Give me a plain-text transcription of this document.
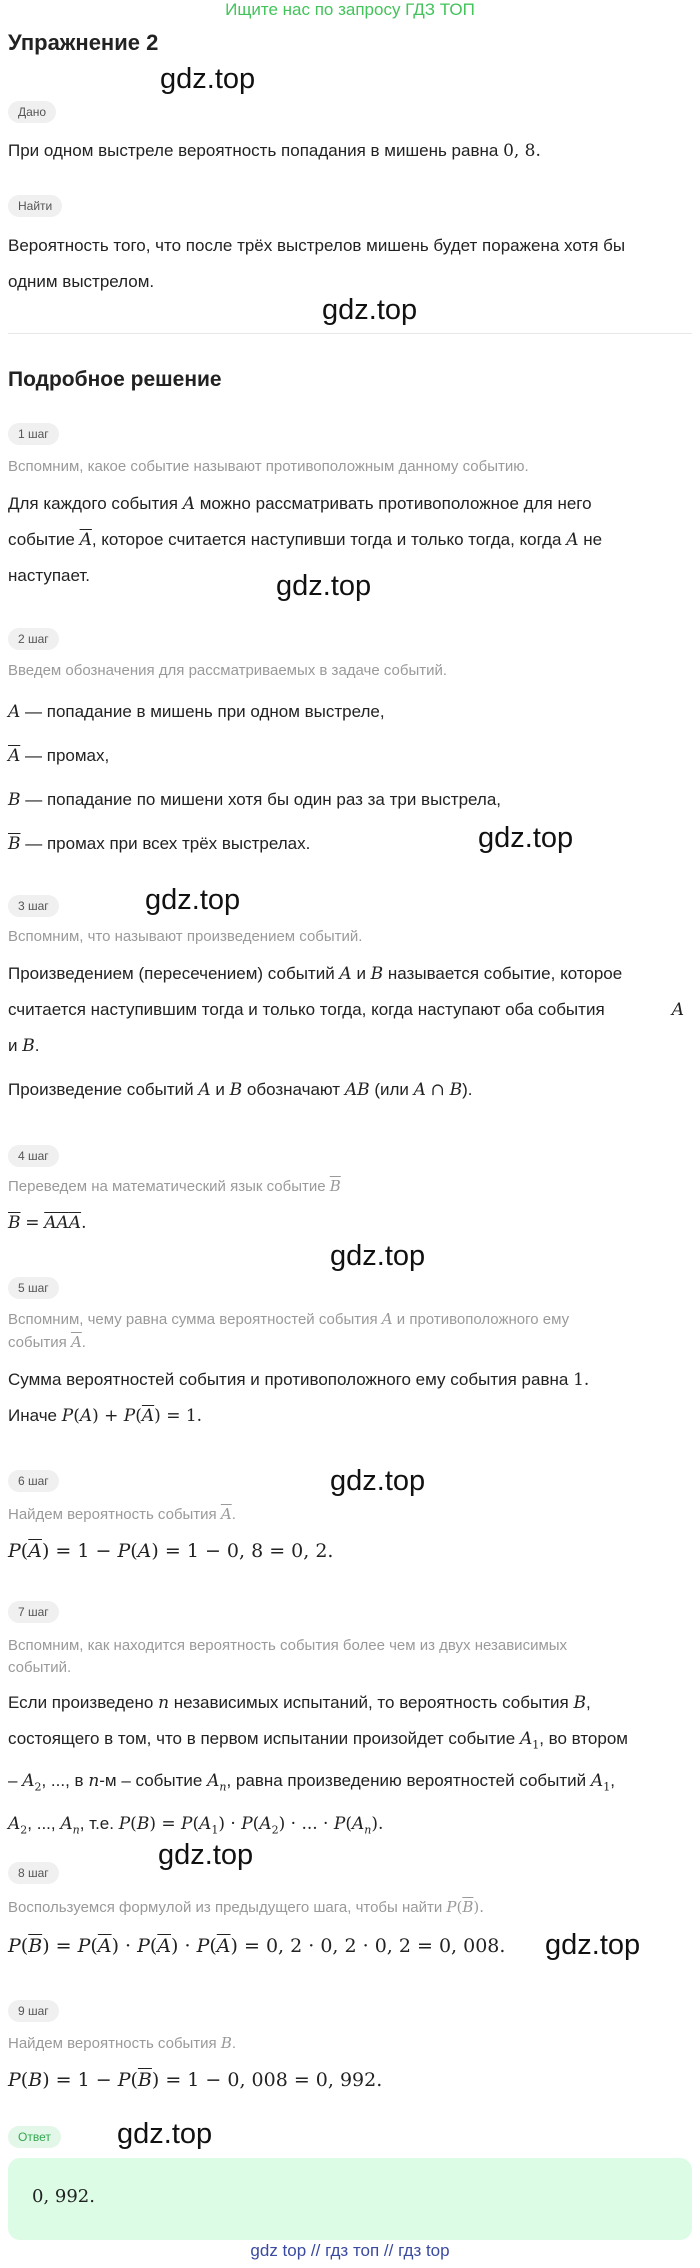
Ищите нас по запросу ГДЗ ТОП
Упражнение 2
gdz.top
gdz.top
gdz.top
gdz.top
gdz.top
gdz.top
gdz.top
gdz.top
gdz.top
gdz.top
Дано
При одном выстреле вероятность попадания в мишень равна 0, 8.
Найти
Вероятность того, что после трёх выстрелов мишень будет поражена хотя бы
одним выстрелом.
Подробное решение
1 шаг
Вспомним, какое событие называют противоположным данному событию.
Для каждого события A можно рассматривать противоположное для него
событие $\overline{A}$, которое считается наступивши тогда и только тогда, когда A не
наступает.
2 шаг
Введем обозначения для рассматриваемых в задаче событий.
A — попадание в мишень при одном выстреле,
$\overline{A}$ — промах,
B — попадание по мишени хотя бы один раз за три выстрела,
$\overline{B}$ — промах при всех трёх выстрелах.
3 шаг
Вспомним, что называют произведением событий.
Произведением (пересечением) событий A и B называется событие, которое
считается наступившим тогда и только тогда, когда наступают оба события	A
и B.
Произведение событий A и B обозначают AB (или A ∩ B).
4 шаг
Переведем на математический язык событие $\overline{B}$
$\overline{B} = \overline{A}\overline{A}\overline{A}$.
5 шаг
Вспомним, чему равна сумма вероятностей события A и противоположного ему
события $\overline{A}$.
Сумма вероятностей события и противоположного ему события равна 1.
Иначе $P(A) + P(\overline{A}) = 1$.
6 шаг
Найдем вероятность события $\overline{A}$.
$P(\overline{A}) = 1 - P(A) = 1 - 0$, 8 = 0, 2.
7 шаг
Вспомним, как находится вероятность события более чем из двух независимых
событий.
Если произведено n независимых испытаний, то вероятность события B,
состоящего в том, что в первом испытании произойдет событие $A_1$, во втором
– $A_2$, ..., в n-м – событие $A_n$, равна произведению вероятностей событий $A_1$,
$A_2$, ..., $A_n$, т.е. $P(B) = P(A_1) \cdot P(A_2)$ · ... · $P(A_n)$.
8 шаг
Воспользуемся формулой из предыдущего шага, чтобы найти $P(\overline{B})$.
$P(\overline{B}) = P(\overline{A}) \cdot P(\overline{A}) \cdot P(\overline{A}) = 0$, 2 · 0, 2 · 0, 2 = 0, 008.
9 шаг
Найдем вероятность события B.
$P(B) = 1 - P(\overline{B}) = 1 - 0$, 008 = 0, 992.
Ответ
0, 992.
gdz top // гдз топ // гдз top
